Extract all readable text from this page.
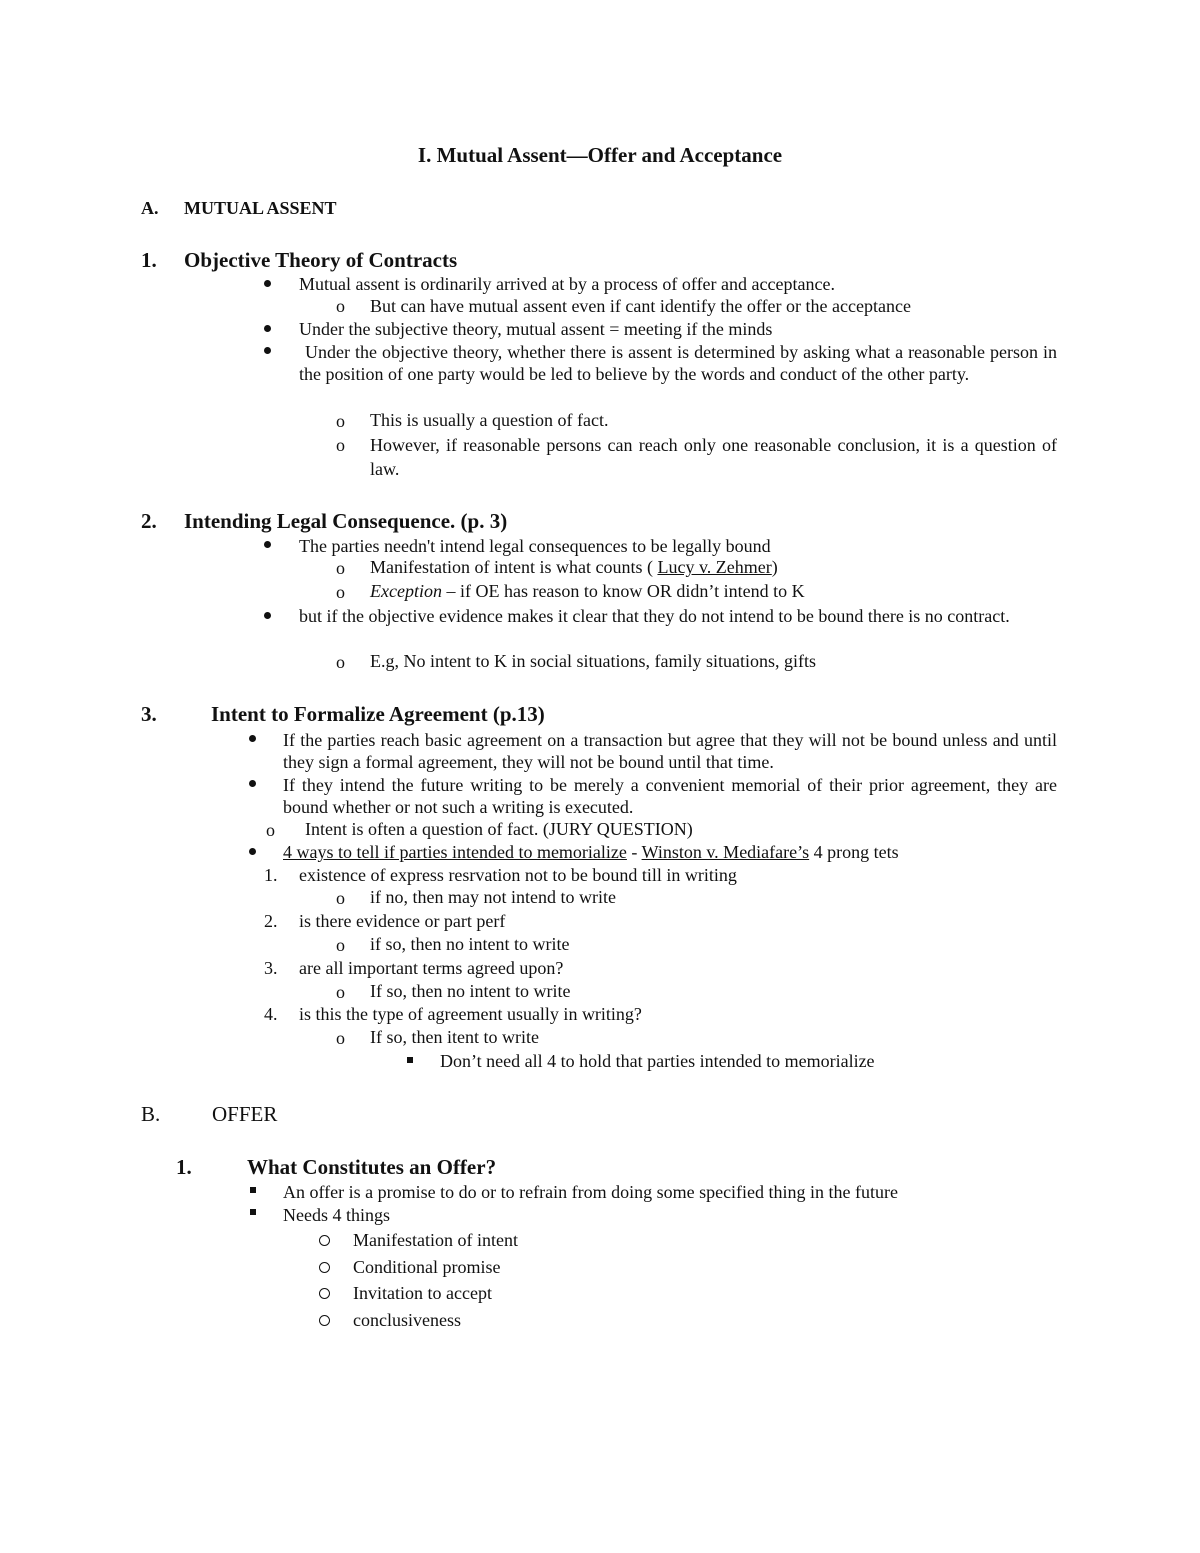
I. Mutual Assent—Offer and Acceptance
A. MUTUAL ASSENT
1. Objective Theory of Contracts
Mutual assent is ordinarily arrived at by a process of offer and acceptance.
o But can have mutual assent even if cant identify the offer or the acceptance
Under the subjective theory, mutual assent = meeting if the minds
Under the objective theory, whether there is assent is determined by asking what a reasonable person in the position of one party would be led to believe by the words and conduct of the other party.
o This is usually a question of fact.
o However, if reasonable persons can reach only one reasonable conclusion, it is a question of law.
2. Intending Legal Consequence. (p. 3)
The parties needn't intend legal consequences to be legally bound
o Manifestation of intent is what counts ( Lucy v. Zehmer)
o Exception – if OE has reason to know OR didn’t intend to K
but if the objective evidence makes it clear that they do not intend to be bound there is no contract.
o E.g, No intent to K in social situations, family situations, gifts
3.	Intent to Formalize Agreement (p.13)
If the parties reach basic agreement on a transaction but agree that they will not be bound unless and until they sign a formal agreement, they will not be bound until that time.
If they intend the future writing to be merely a convenient memorial of their prior agreement, they are bound whether or not such a writing is executed.
o Intent is often a question of fact. (JURY QUESTION)
4 ways to tell if parties intended to memorialize - Winston v. Mediafare’s 4 prong tets
1. existence of express resrvation not to be bound till in writing
o if no, then may not intend to write
2. is there evidence or part perf
o if so, then no intent to write
3. are all important terms agreed upon?
o If so, then no intent to write
4. is this the type of agreement usually in writing?
o If so, then itent to write
Don’t need all 4 to hold that parties intended to memorialize
B. OFFER
1.	What Constitutes an Offer?
An offer is a promise to do or to refrain from doing some specified thing in the future
Needs 4 things
Manifestation of intent
Conditional promise
Invitation to accept
conclusiveness
